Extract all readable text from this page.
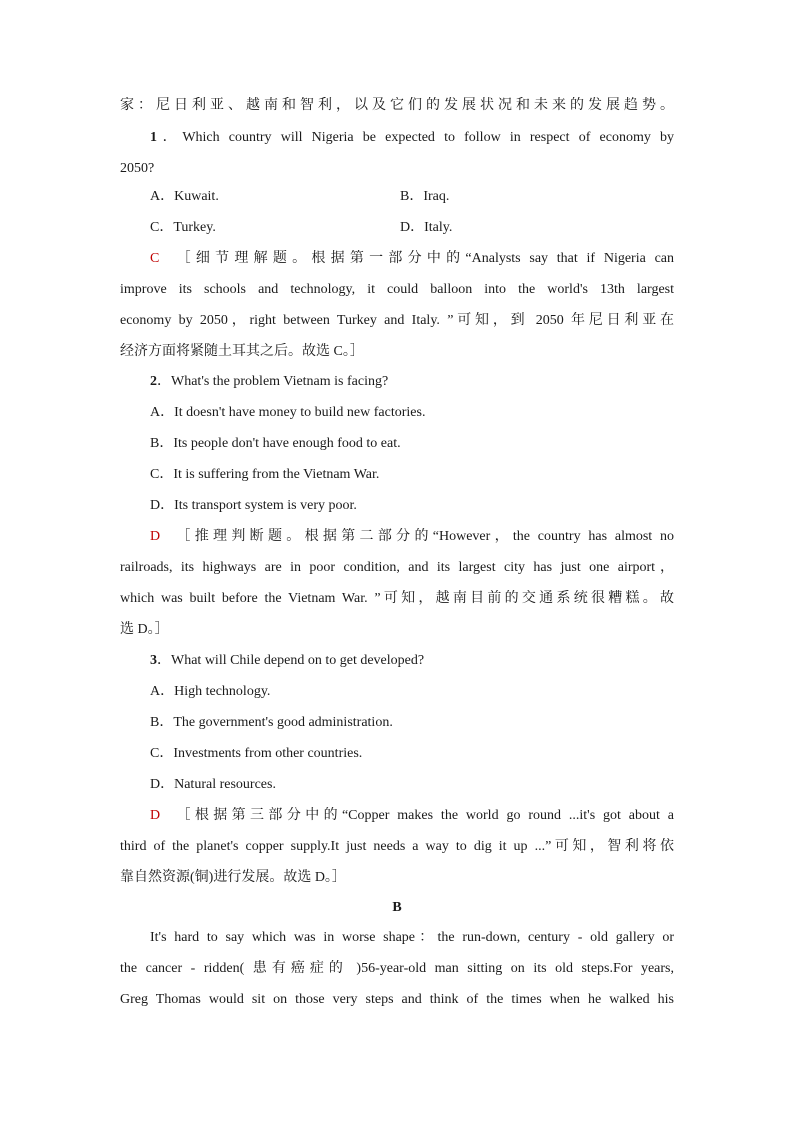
家：尼日利亚、越南和智利，以及它们的发展状况和未来的发展趋势。
1．Which country will Nigeria be expected to follow in respect of economy by
2050?
A．Kuwait.	B．Iraq.
C．Turkey.	D．Italy.
C ［细节理解题。根据第一部分中的“Analysts say that if Nigeria can
improve its schools and technology, it could balloon into the world's 13th largest
economy by 2050，right between Turkey and Italy. ”可知，到 2050 年尼日利亚在
经济方面将紧随土耳其之后。故选 C。］
2．What's the problem Vietnam is facing?
A．It doesn't have money to build new factories.
B．Its people don't have enough food to eat.
C．It is suffering from the Vietnam War.
D．Its transport system is very poor.
D ［推理判断题。根据第二部分的“However，the country has almost no
railroads, its highways are in poor condition, and its largest city has just one airport，
which was built before the Vietnam War. ”可知，越南目前的交通系统很糟糕。故
选 D。］
3．What will Chile depend on to get developed?
A．High technology.
B．The government's good administration.
C．Investments from other countries.
D．Natural resources.
D ［根据第三部分中的“Copper makes the world go round ...it's got about a
third of the planet's copper supply.It just needs a way to dig it up ...”可知，智利将依
靠自然资源(铜)进行发展。故选 D。］
B
It's hard to say which was in worse shape：the run-down, century - old gallery or
the cancer - ridden( 患有癌症的 )56-year-old man sitting on its old steps.For years,
Greg Thomas would sit on those very steps and think of the times when he walked his
